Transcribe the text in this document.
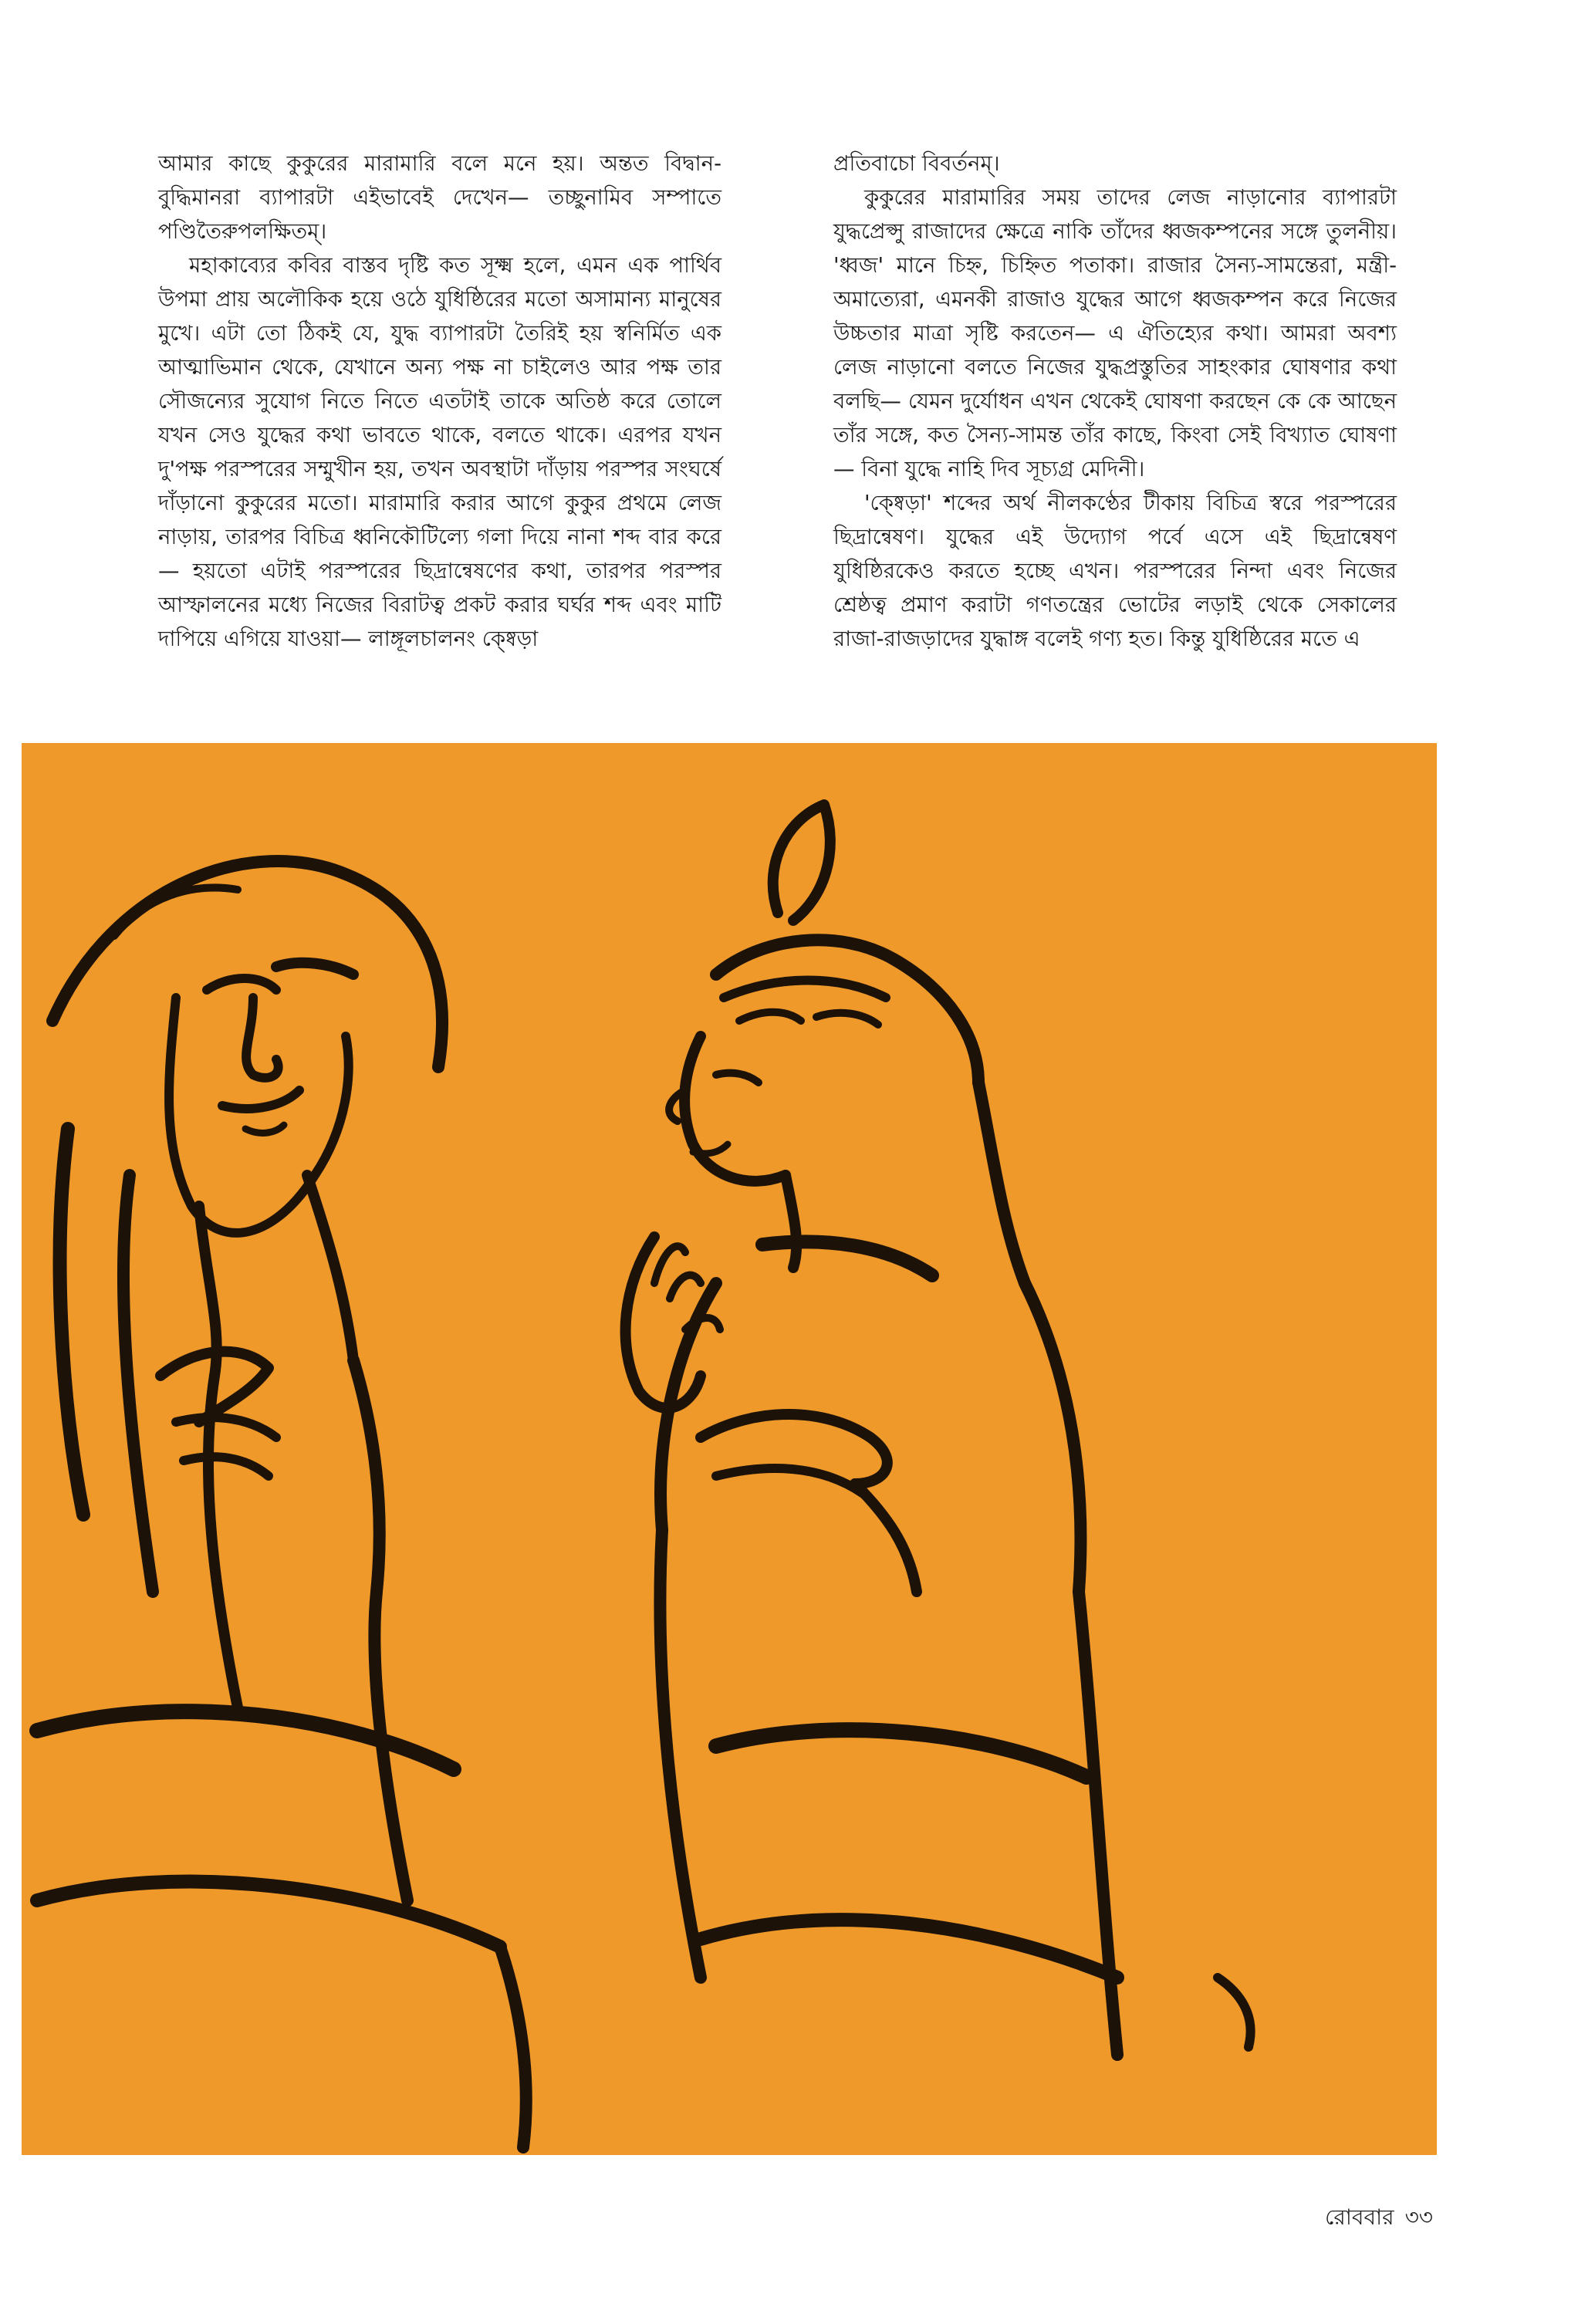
আমার কাছে কুকুরের মারামারি বলে মনে হয়। অন্তত বিদ্বান-বুদ্ধিমানরা ব্যাপারটা এইভাবেই দেখেন— তচ্ছুনামিব সম্পাতে পণ্ডিতৈরুপলক্ষিতম্।

মহাকাব্যের কবির বাস্তব দৃষ্টি কত সূক্ষ্ম হলে, এমন এক পার্থিব উপমা প্রায় অলৌকিক হয়ে ওঠে যুধিষ্ঠিরের মতো অসামান্য মানুষের মুখে। এটা তো ঠিকই যে, যুদ্ধ ব্যাপারটা তৈরিই হয় স্বনির্মিত এক আত্মাভিমান থেকে, যেখানে অন্য পক্ষ না চাইলেও আর পক্ষ তার সৌজন্যের সুযোগ নিতে নিতে এতটাই তাকে অতিষ্ঠ করে তোলে যখন সেও যুদ্ধের কথা ভাবতে থাকে, বলতে থাকে। এরপর যখন দু'পক্ষ পরস্পরের সম্মুখীন হয়, তখন অবস্থাটা দাঁড়ায় পরস্পর সংঘর্ষে দাঁড়ানো কুকুরের মতো। মারামারি করার আগে কুকুর প্রথমে লেজ নাড়ায়, তারপর বিচিত্র ধ্বনিকৌটিল্যে গলা দিয়ে নানা শব্দ বার করে— হয়তো এটাই পরস্পরের ছিদ্রান্বেষণের কথা, তারপর পরস্পর আস্ফালনের মধ্যে নিজের বিরাটত্ব প্রকট করার ঘর্ঘর শব্দ এবং মাটি দাপিয়ে এগিয়ে যাওয়া— লাঙ্গূলচালনং ক্ষ্বেড়া

প্রতিবাচো বিবর্তনম্।

কুকুরের মারামারির সময় তাদের লেজ নাড়ানোর ব্যাপারটা যুদ্ধপ্রেপ্সু রাজাদের ক্ষেত্রে নাকি তাঁদের ধ্বজকম্পনের সঙ্গে তুলনীয়। 'ধ্বজ' মানে চিহ্ন, চিহ্নিত পতাকা। রাজার সৈন্য-সামন্তেরা, মন্ত্রী-অমাত্যেরা, এমনকী রাজাও যুদ্ধের আগে ধ্বজকম্পন করে নিজের উচ্চতার মাত্রা সৃষ্টি করতেন— এ ঐতিহ্যের কথা। আমরা অবশ্য লেজ নাড়ানো বলতে নিজের যুদ্ধপ্রস্তুতির সাহংকার ঘোষণার কথা বলছি— যেমন দুর্যোধন এখন থেকেই ঘোষণা করছেন কে কে আছেন তাঁর সঙ্গে, কত সৈন্য-সামন্ত তাঁর কাছে, কিংবা সেই বিখ্যাত ঘোষণা— বিনা যুদ্ধে নাহি দিব সূচ্যগ্র মেদিনী।

'ক্ষ্বেড়া' শব্দের অর্থ নীলকণ্ঠের টীকায় বিচিত্র স্বরে পরস্পরের ছিদ্রান্বেষণ। যুদ্ধের এই উদ্যোগ পর্বে এসে এই ছিদ্রান্বেষণ যুধিষ্ঠিরকেও করতে হচ্ছে এখন। পরস্পরের নিন্দা এবং নিজের শ্রেষ্ঠত্ব প্রমাণ করাটা গণতন্ত্রের ভোটের লড়াই থেকে সেকালের রাজা-রাজড়াদের যুদ্ধাঙ্গ বলেই গণ্য হত। কিন্তু যুধিষ্ঠিরের মতে এ

রোববার ৩৩
